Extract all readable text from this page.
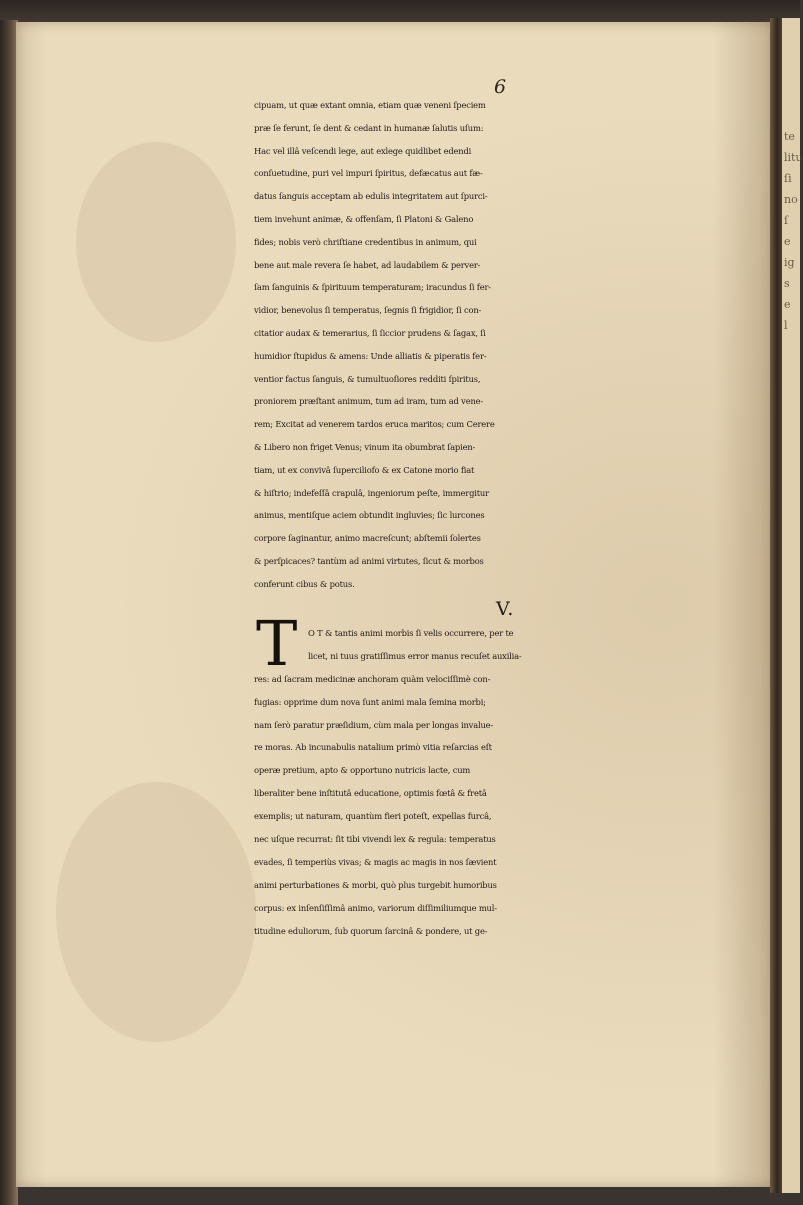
te
litu
ſi
no
ſ
e
ig
s
e
l
6
cipuam, ut quæ extant omnia, etiam quæ veneni ſpeciem
præ ſe ferunt, ſe dent & cedant in humanæ ſalutis uſum:
Hac vel illâ veſcendi lege, aut exlege quidlibet edendi
conſuetudine, puri vel impuri ſpiritus, defæcatus aut fæ-
datus ſanguis acceptam ab edulis integritatem aut ſpurci-
tiem invehunt animæ, & offenſam, ſi Platoni & Galeno
fides; nobis verò chriſtiane credentibus in animum, qui
bene aut male revera ſe habet, ad laudabilem & perver-
ſam ſanguinis & ſpirituum temperaturam; iracundus ſi fer-
vidior, benevolus ſi temperatus, ſegnis ſi frigidior, ſi con-
citatior audax & temerarius, ſi ſiccior prudens & ſagax, ſi
humidior ſtupidus & amens: Unde alliatis & piperatis fer-
ventior factus ſanguis, & tumultuoſiores redditi ſpiritus,
proniorem præſtant animum, tum ad iram, tum ad vene-
rem; Excitat ad venerem tardos eruca maritos; cum Cerere
& Libero non friget Venus; vinum ita obumbrat ſapien-
tiam, ut ex convivâ ſuperciliofo & ex Catone morio fiat
& hiſtrio; indefeſſâ crapulâ, ingeniorum peſte, immergitur
animus, mentiſque aciem obtundit ingluvies; ſic lurcones
corpore ſaginantur, animo macreſcunt; abſtemii ſolertes
& perſpicaces? tantùm ad animi virtutes, ſicut & morbos
conferunt cibus & potus.
V.
T	O T & tantis animi morbis ſi velis occurrere, per te
licet, ni tuus gratiſſimus error manus recuſet auxilia-
res: ad ſacram medicinæ anchoram quàm velociſſimè con-
fugias: opprime dum nova ſunt animi mala ſemina morbi;
nam ſerò paratur præſidium, cùm mala per longas invalue-
re moras. Ab incunabulis natalium primò vitia reſarcias eſt
operæ pretium, apto & opportuno nutricis lacte, cum
liberaliter bene inſtitutâ educatione, optimis fœtâ & fretâ
exemplis; ut naturam, quantùm fieri poteſt, expellas furcâ,
nec uſque recurrat: ſit tibi vivendi lex & regula: temperatus
evades, ſi temperiùs vivas; & magis ac magis in nos ſævient
animi perturbationes & morbi, quò plus turgebit humoribus
corpus: ex inſenſiſſimâ animo, variorum diſſimiliumque mul-
titudine eduliorum, ſub quorum ſarcinâ & pondere, ut ge-
